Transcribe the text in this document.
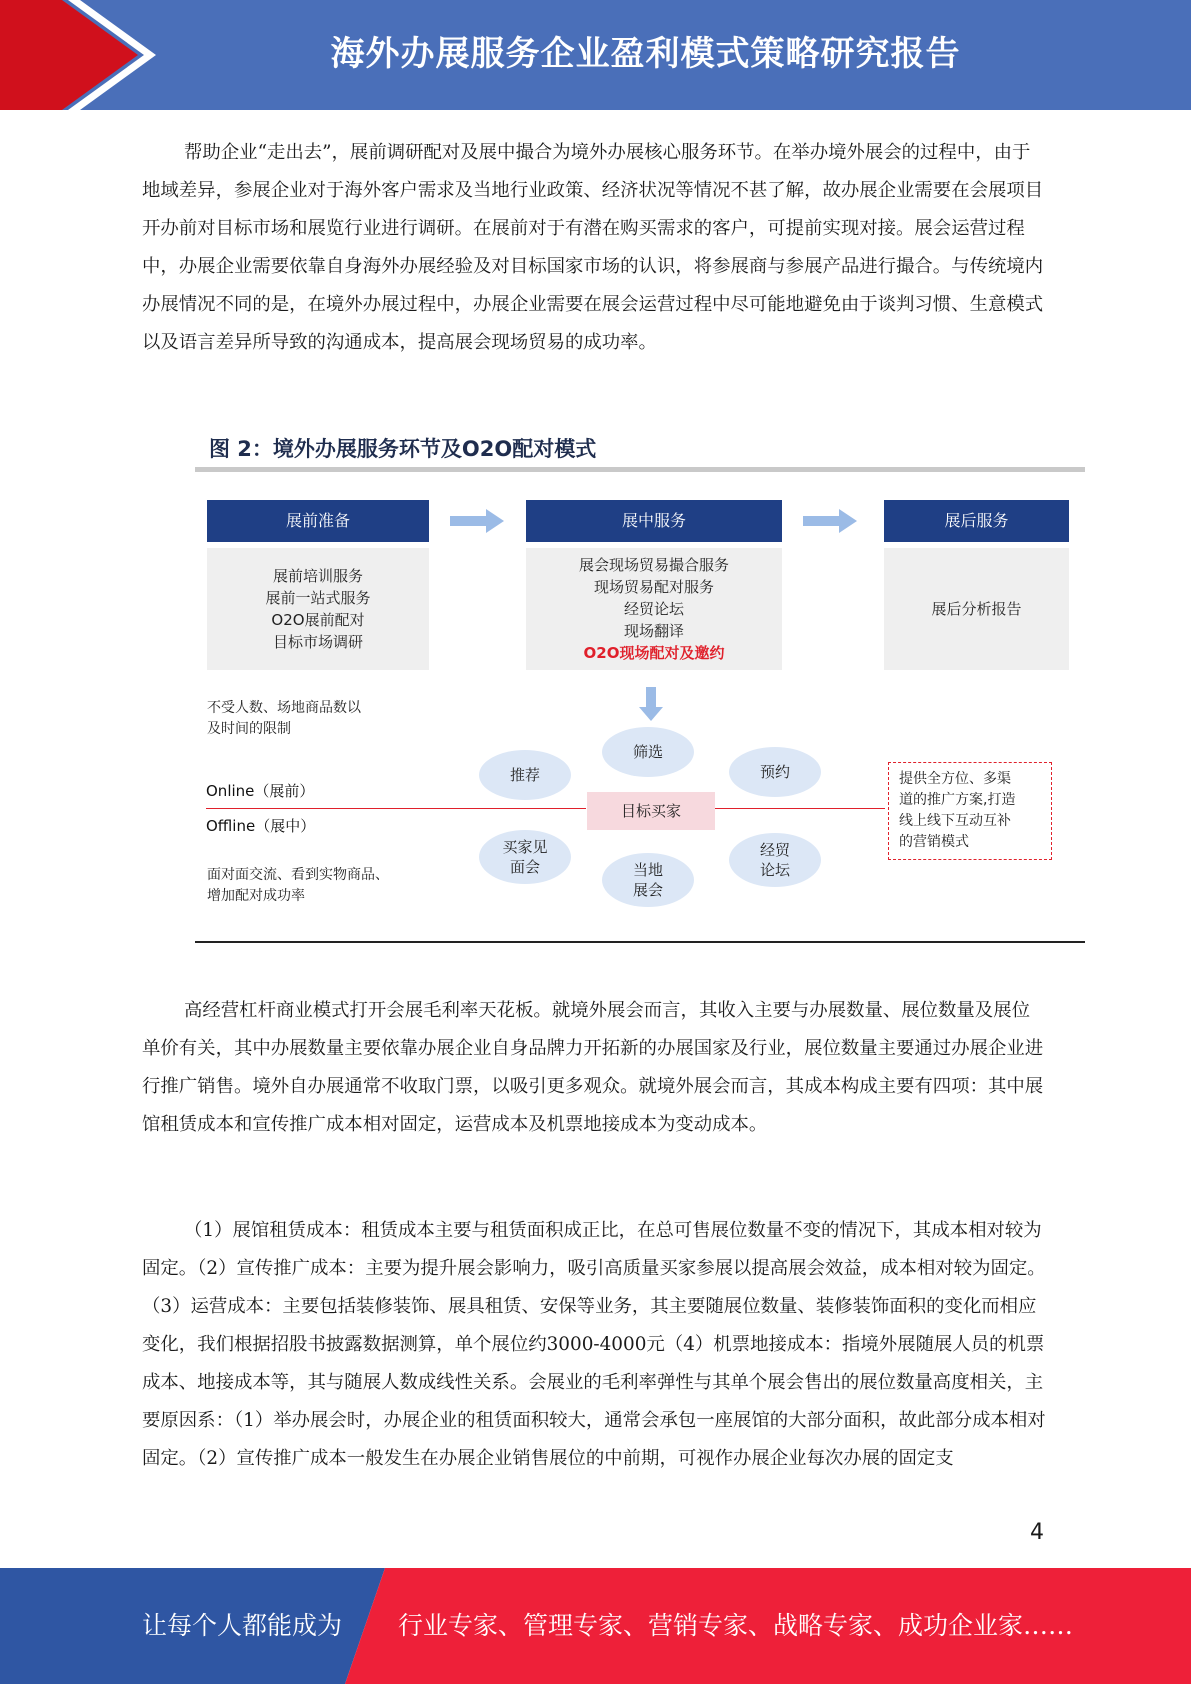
海外办展服务企业盈利模式策略研究报告

帮助企业“走出去”，展前调研配对及展中撮合为境外办展核心服务环节。在举办境外展会的过程中，由于地域差异，参展企业对于海外客户需求及当地行业政策、经济状况等情况不甚了解，故办展企业需要在会展项目开办前对目标市场和展览行业进行调研。在展前对于有潜在购买需求的客户，可提前实现对接。展会运营过程中，办展企业需要依靠自身海外办展经验及对目标国家市场的认识，将参展商与参展产品进行撮合。与传统境内办展情况不同的是，在境外办展过程中，办展企业需要在展会运营过程中尽可能地避免由于谈判习惯、生意模式以及语言差异所导致的沟通成本，提高展会现场贸易的成功率。

图 2：境外办展服务环节及O2O配对模式
展前准备
展前培训服务
展前一站式服务
O2O展前配对
目标市场调研
展中服务
展会现场贸易撮合服务
现场贸易配对服务
经贸论坛
现场翻译
O2O现场配对及邀约
展后服务
展后分析报告
不受人数、场地商品数以
及时间的限制
面对面交流、看到实物商品、
增加配对成功率
Online（展前）
Offline（展中）
推荐
筛选
预约
目标买家
买家见
面会	当地
展会
经贸
论坛
提供全方位、多渠
道的推广方案,打造
线上线下互动互补
的营销模式

高经营杠杆商业模式打开会展毛利率天花板。就境外展会而言，其收入主要与办展数量、展位数量及展位单价有关，其中办展数量主要依靠办展企业自身品牌力开拓新的办展国家及行业，展位数量主要通过办展企业进行推广销售。境外自办展通常不收取门票，以吸引更多观众。就境外展会而言，其成本构成主要有四项：其中展馆租赁成本和宣传推广成本相对固定，运营成本及机票地接成本为变动成本。

（1）展馆租赁成本：租赁成本主要与租赁面积成正比，在总可售展位数量不变的情况下，其成本相对较为固定。（2）宣传推广成本：主要为提升展会影响力，吸引高质量买家参展以提高展会效益，成本相对较为固定。（3）运营成本：主要包括装修装饰、展具租赁、安保等业务，其主要随展位数量、装修装饰面积的变化而相应变化，我们根据招股书披露数据测算，单个展位约3000-4000元（4）机票地接成本：指境外展随展人员的机票成本、地接成本等，其与随展人数成线性关系。会展业的毛利率弹性与其单个展会售出的展位数量高度相关，主要原因系：（1）举办展会时，办展企业的租赁面积较大，通常会承包一座展馆的大部分面积，故此部分成本相对固定。（2）宣传推广成本一般发生在办展企业销售展位的中前期，可视作办展企业每次办展的固定支

4
让每个人都能成为 行业专家、管理专家、营销专家、战略专家、成功企业家……
